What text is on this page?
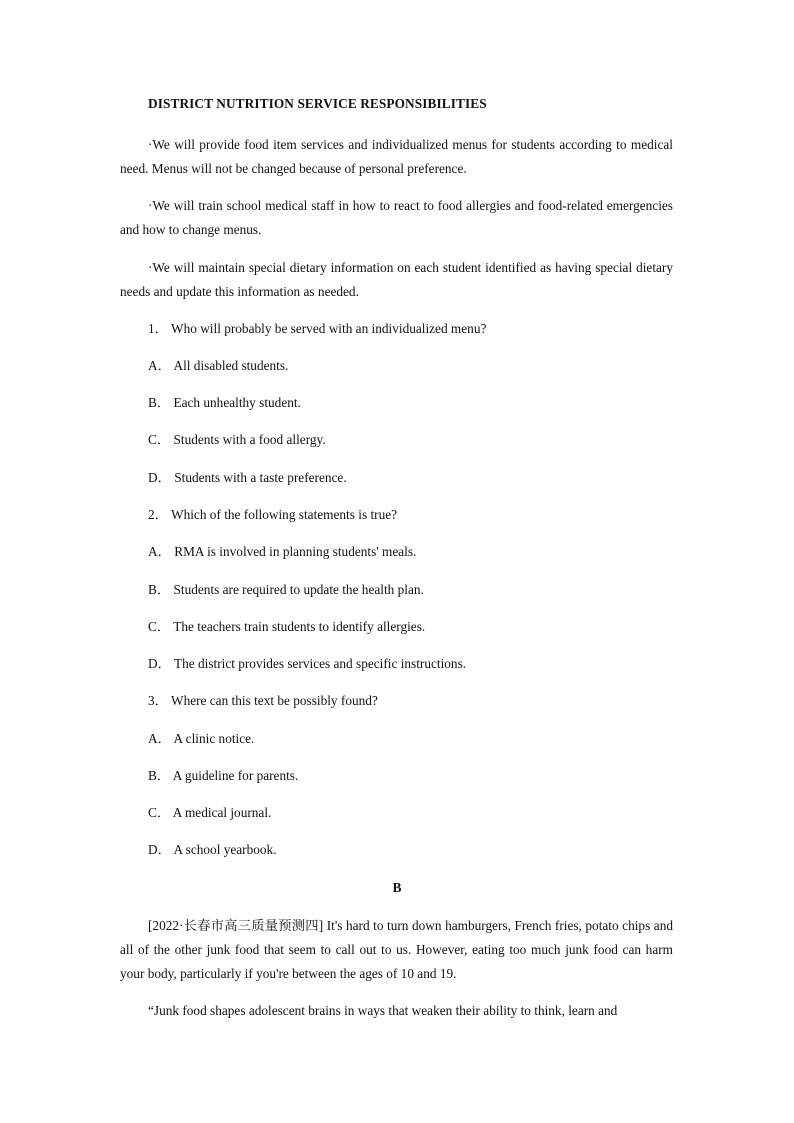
DISTRICT NUTRITION SERVICE RESPONSIBILITIES
·We will provide food item services and individualized menus for students according to medical need. Menus will not be changed because of personal preference.
·We will train school medical staff in how to react to food allergies and food-related emergencies and how to change menus.
·We will maintain special dietary information on each student identified as having special dietary needs and update this information as needed.
1． Who will probably be served with an individualized menu?
A． All disabled students.
B． Each unhealthy student.
C． Students with a food allergy.
D． Students with a taste preference.
2． Which of the following statements is true?
A． RMA is involved in planning students' meals.
B． Students are required to update the health plan.
C． The teachers train students to identify allergies.
D． The district provides services and specific instructions.
3． Where can this text be possibly found?
A． A clinic notice.
B． A guideline for parents.
C． A medical journal.
D． A school yearbook.
B
[2022·长春市高三质量预测四] It's hard to turn down hamburgers, French fries, potato chips and all of the other junk food that seem to call out to us. However, eating too much junk food can harm your body, particularly if you're between the ages of 10 and 19.
“Junk food shapes adolescent brains in ways that weaken their ability to think, learn and
